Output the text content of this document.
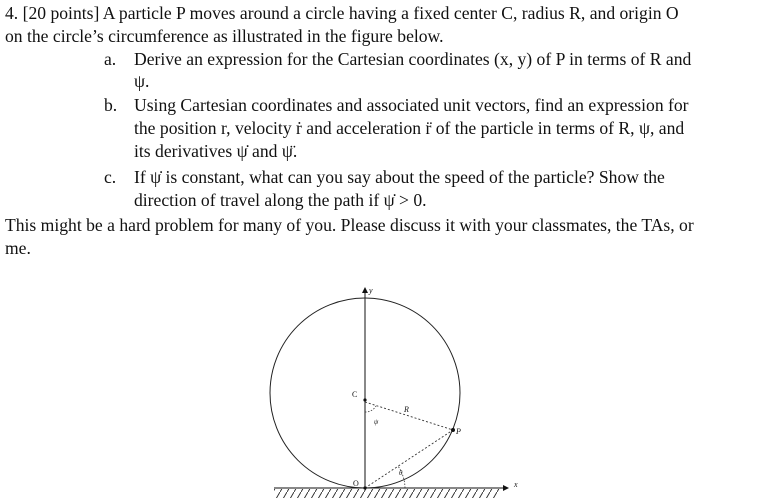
4. [20 points] A particle P moves around a circle having a fixed center C, radius R, and origin O
on the circle’s circumference as illustrated in the figure below.
a. Derive an expression for the Cartesian coordinates (x, y) of P in terms of R and
ψ.
b. Using Cartesian coordinates and associated unit vectors, find an expression for
the position r, velocity ṙ and acceleration r̈ of the particle in terms of R, ψ, and
its derivatives ψ̇ and ψ̈.
c. If ψ̇ is constant, what can you say about the speed of the particle? Show the
direction of travel along the path if ψ̇ > 0.
This might be a hard problem for many of you. Please discuss it with your classmates, the TAs, or
me.
y
x
C
O
R
P
ψ
θ
